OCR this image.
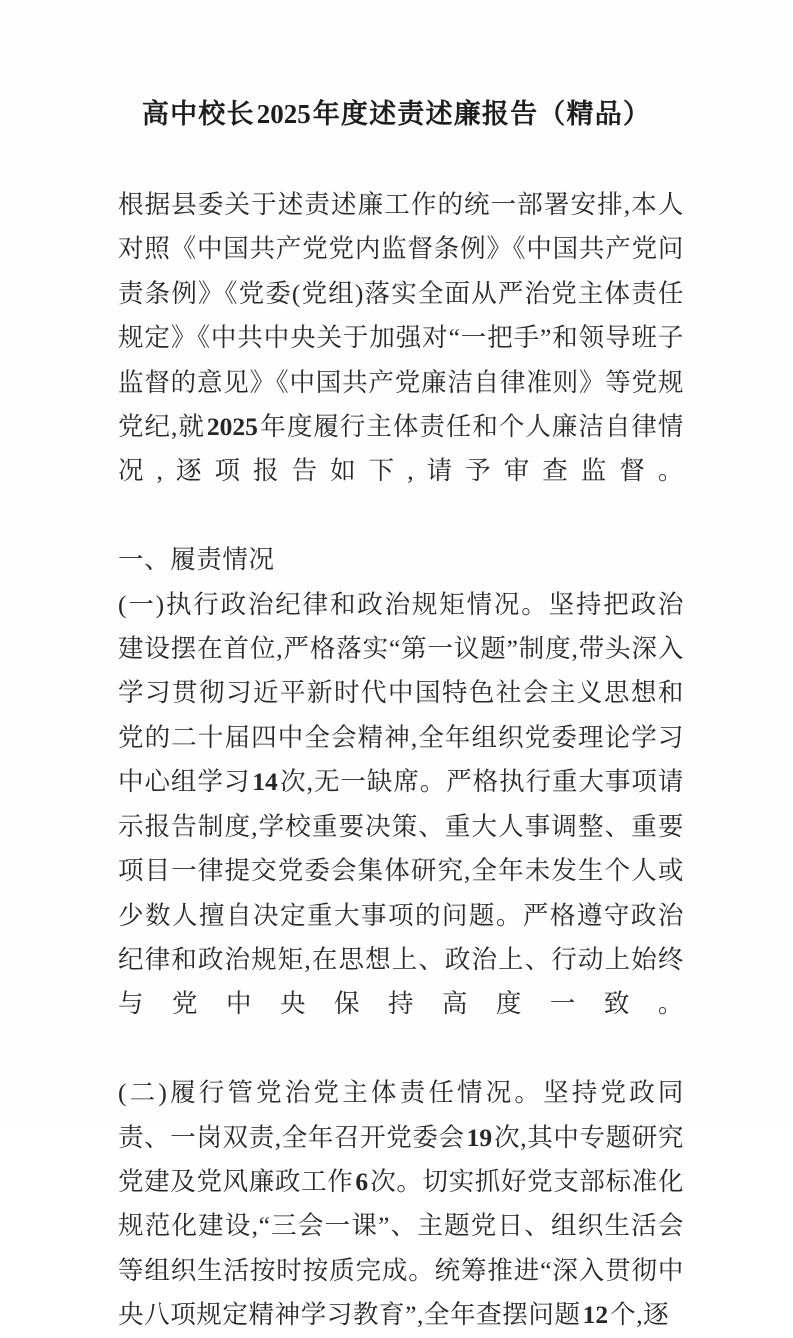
高中校长2025年度述责述廉报告（精品）

根据县委关于述责述廉工作的统一部署安排,本人对照《中国共产党党内监督条例》《中国共产党问责条例》《党委(党组)落实全面从严治党主体责任规定》《中共中央关于加强对“一把手”和领导班子监督的意见》《中国共产党廉洁自律准则》等党规党纪,就2025年度履行主体责任和个人廉洁自律情况,逐项报告如下,请予审查监督。

一、履责情况

(一)执行政治纪律和政治规矩情况。坚持把政治建设摆在首位,严格落实“第一议题”制度,带头深入学习贯彻习近平新时代中国特色社会主义思想和党的二十届四中全会精神,全年组织党委理论学习中心组学习14次,无一缺席。严格执行重大事项请示报告制度,学校重要决策、重大人事调整、重要项目一律提交党委会集体研究,全年未发生个人或少数人擅自决定重大事项的问题。严格遵守政治纪律和政治规矩,在思想上、政治上、行动上始终与党中央保持高度一致。

(二)履行管党治党主体责任情况。坚持党政同责、一岗双责,全年召开党委会19次,其中专题研究党建及党风廉政工作6次。切实抓好党支部标准化规范化建设,“三会一课”、主题党日、组织生活会等组织生活按时按质完成。统筹推进“深入贯彻中央八项规定精神学习教育”,全年查摆问题12个,逐
